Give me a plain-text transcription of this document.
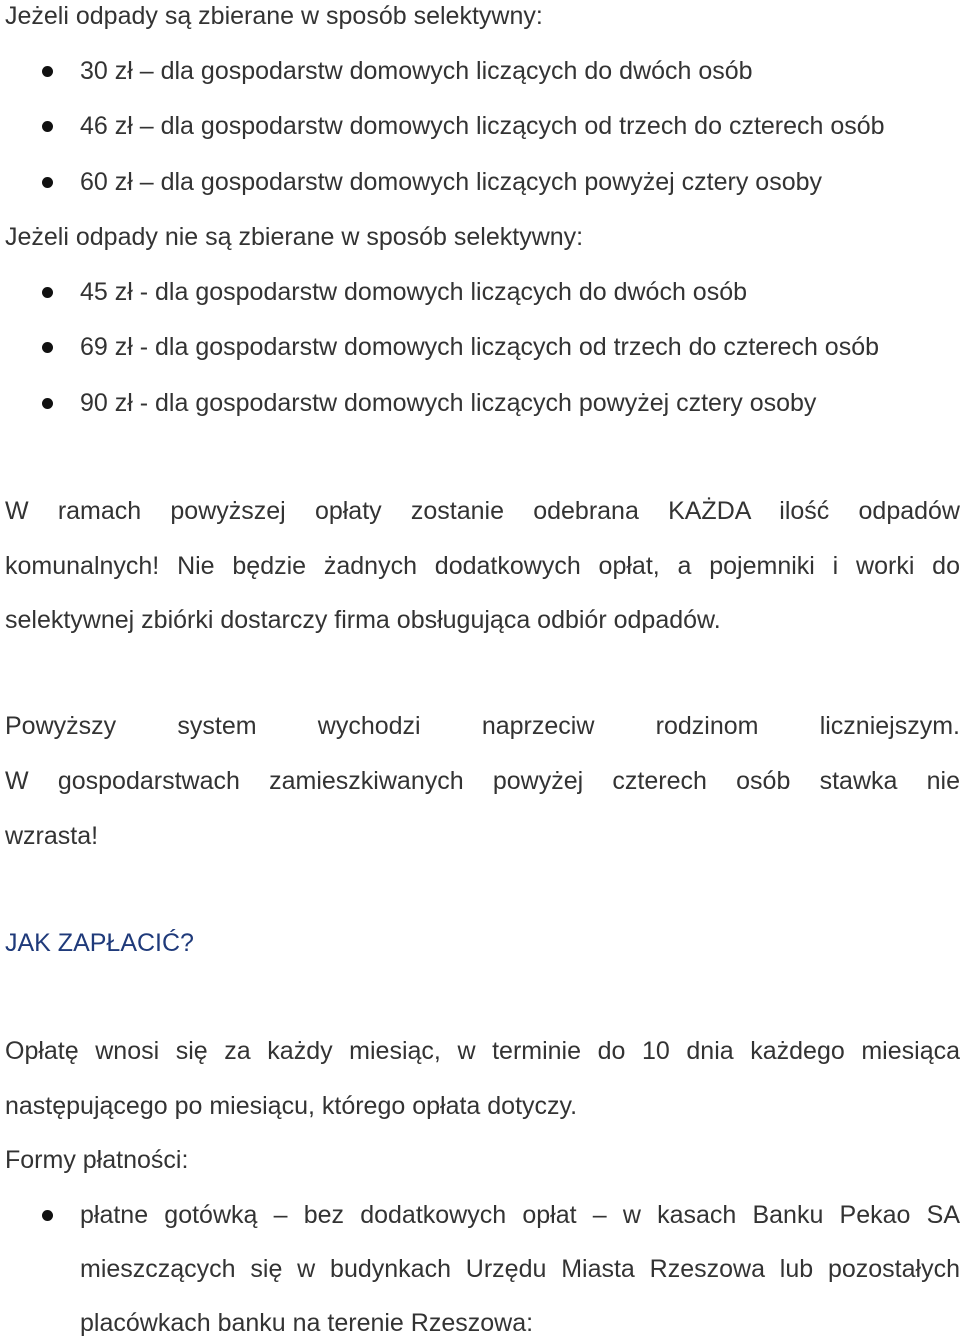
Jeżeli odpady są zbierane w sposób selektywny:
30 zł – dla gospodarstw domowych liczących do dwóch osób
46 zł – dla gospodarstw domowych liczących od trzech do czterech osób
60 zł – dla gospodarstw domowych liczących powyżej cztery osoby
Jeżeli odpady nie są zbierane w sposób selektywny:
45 zł - dla gospodarstw domowych liczących do dwóch osób
69 zł - dla gospodarstw domowych liczących od trzech do czterech osób
90 zł - dla gospodarstw domowych liczących powyżej cztery osoby
W ramach powyższej opłaty zostanie odebrana KAŻDA ilość odpadów
komunalnych! Nie będzie żadnych dodatkowych opłat, a pojemniki i worki do
selektywnej zbiórki dostarczy firma obsługująca odbiór odpadów.
Powyższy system wychodzi naprzeciw rodzinom liczniejszym.
W gospodarstwach zamieszkiwanych powyżej czterech osób stawka nie
wzrasta!
JAK ZAPŁACIĆ?
Opłatę wnosi się za każdy miesiąc, w terminie do 10 dnia każdego miesiąca
następującego po miesiącu, którego opłata dotyczy.
Formy płatności:
płatne gotówką – bez dodatkowych opłat – w kasach Banku Pekao SA
mieszczących się w budynkach Urzędu Miasta Rzeszowa lub pozostałych
placówkach banku na terenie Rzeszowa:
